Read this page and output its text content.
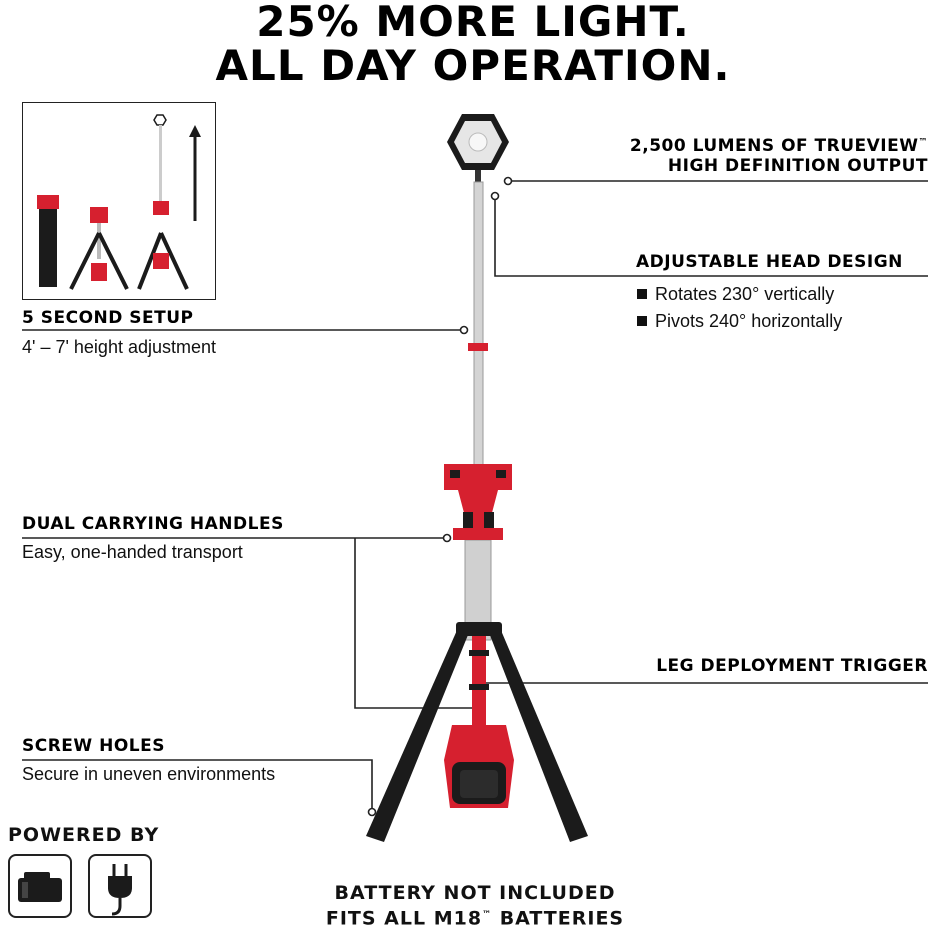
25% MORE LIGHT.
ALL DAY OPERATION.
2,500 LUMENS OF TRUEVIEW™
HIGH DEFINITION OUTPUT
ADJUSTABLE HEAD DESIGN
Rotates 230° vertically
Pivots 240° horizontally
5 SECOND SETUP
4' – 7' height adjustment
DUAL CARRYING HANDLES
Easy, one-handed transport
LEG DEPLOYMENT TRIGGER
SCREW HOLES
Secure in uneven environments
POWERED BY
BATTERY NOT INCLUDED
FITS ALL M18™ BATTERIES
